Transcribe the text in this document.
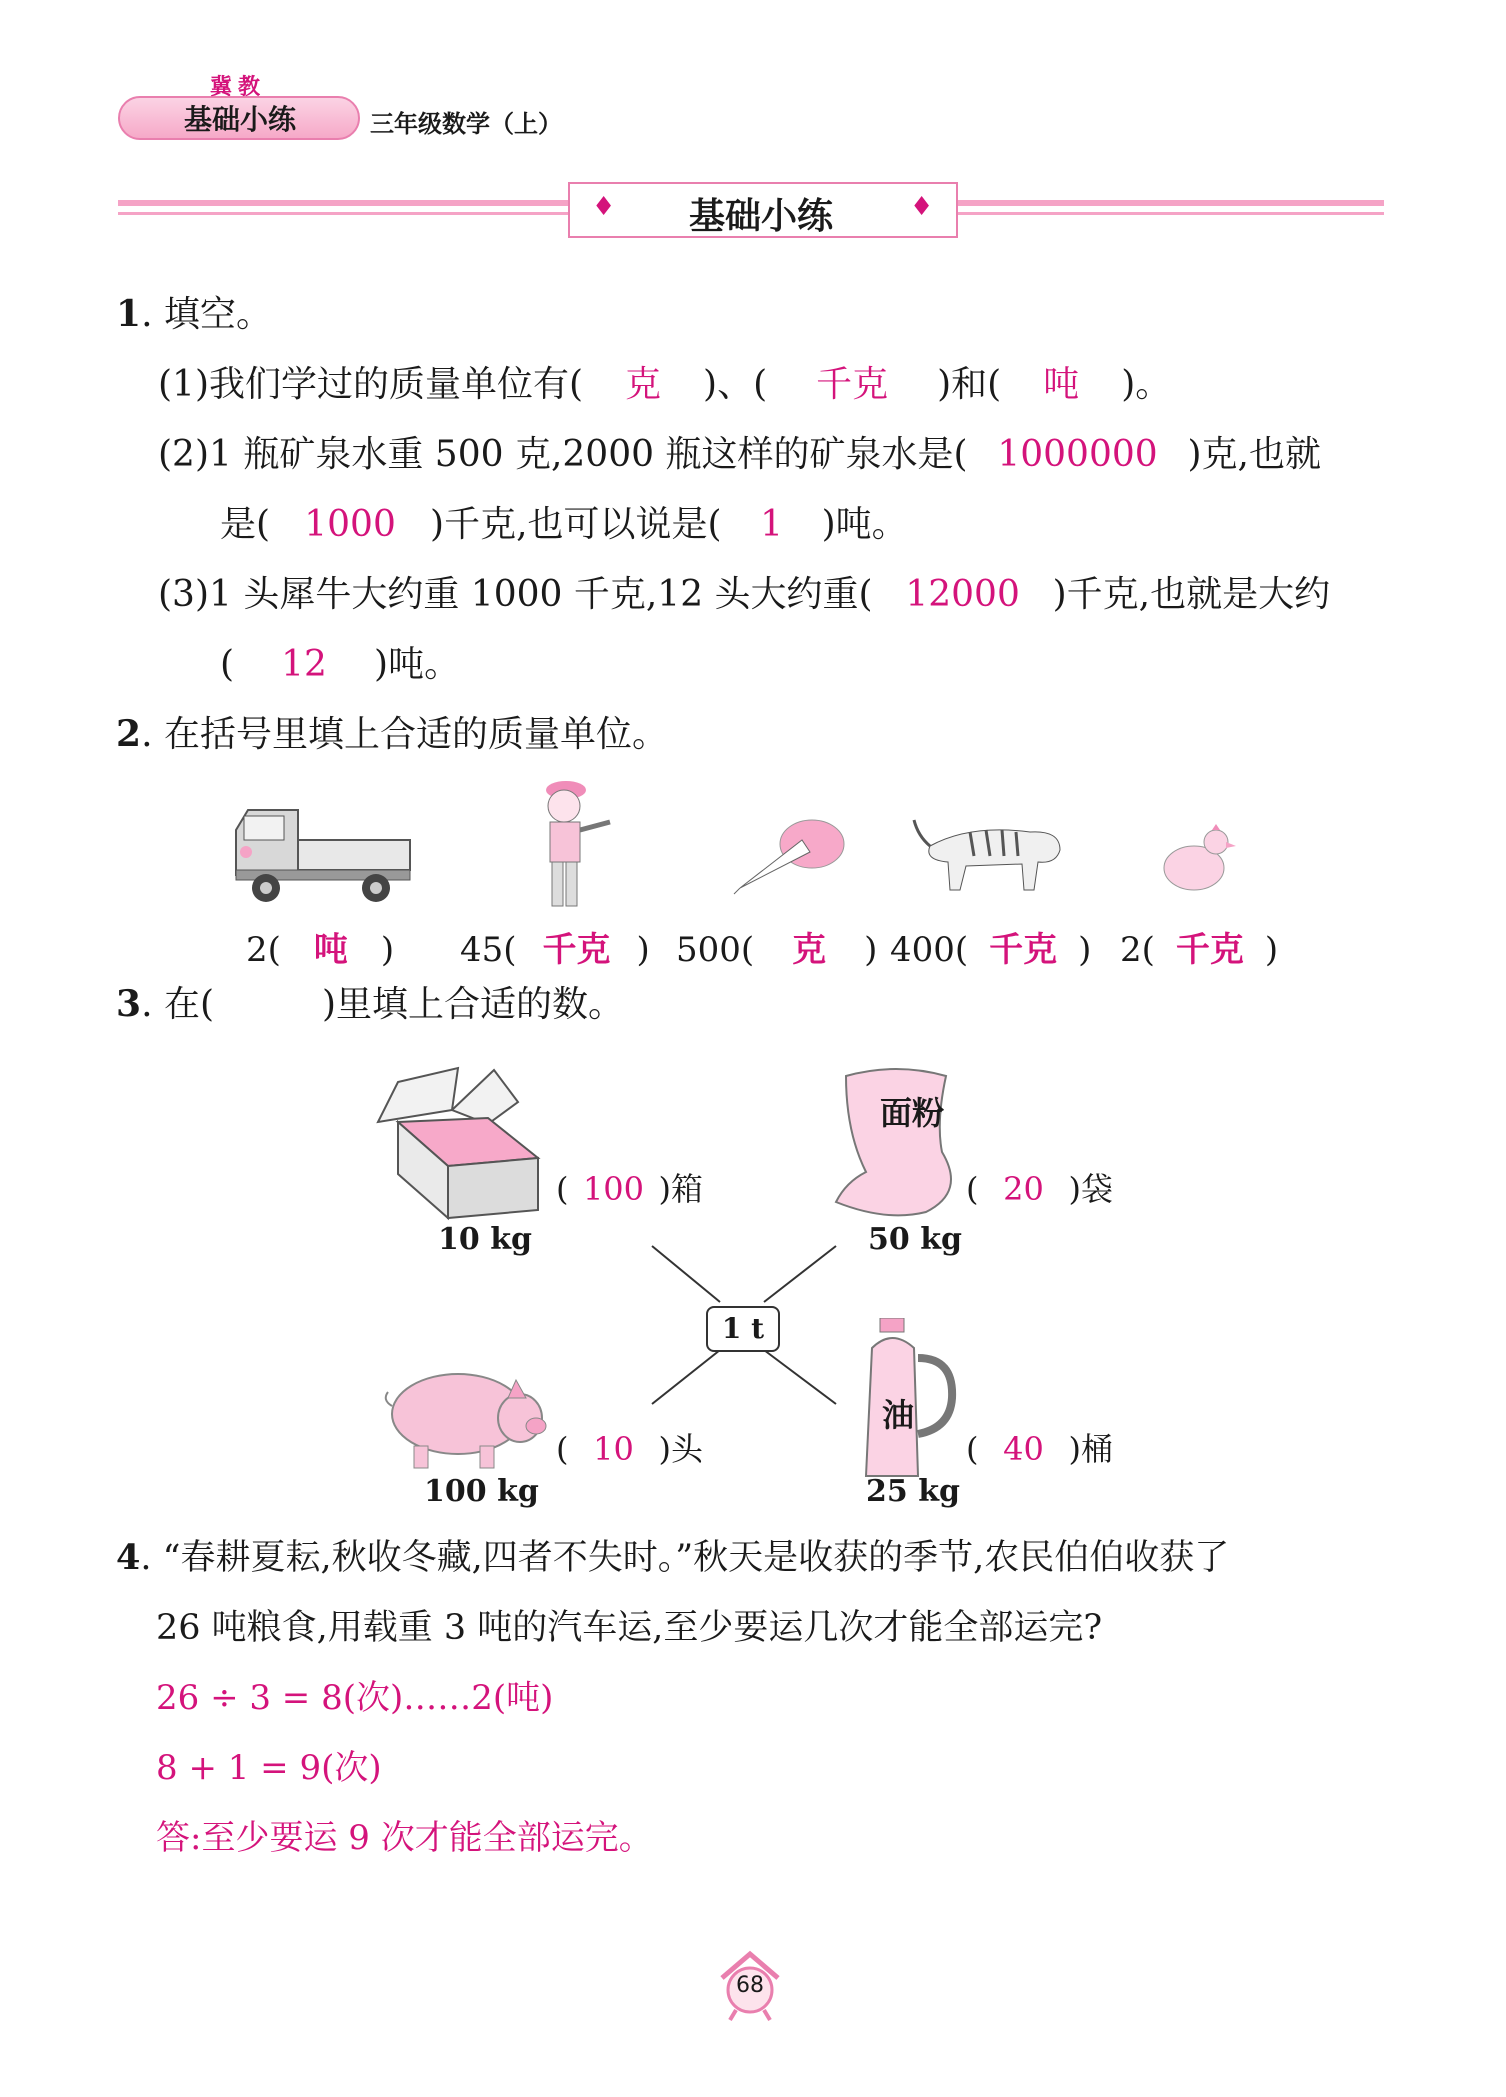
冀教
基础小练	三年级数学（上）
♦	♦
基础小练
1. 填空。
(1)我们学过的质量单位有( 克 )、( 千克 )和( 吨 )。
(2)1 瓶矿泉水重 500 克,2000 瓶这样的矿泉水是( 1000000 )克,也就
是( 1000 )千克,也可以说是( 1 )吨。
(3)1 头犀牛大约重 1000 千克,12 头大约重( 12000 )千克,也就是大约
( 12 )吨。
2. 在括号里填上合适的质量单位。
2( 吨 ) 45( 千克 ) 500( 克 ) 400( 千克 ) 2( 千克 )
3. 在(　　　)里填上合适的数。
1 t
10 kg
( 100 )箱
面粉
50 kg
( 20 )袋
100 kg
( 10 )头
油
25 kg
( 40 )桶
4. “春耕夏耘,秋收冬藏,四者不失时。”秋天是收获的季节,农民伯伯收获了
26 吨粮食,用载重 3 吨的汽车运,至少要运几次才能全部运完?
26 ÷ 3 = 8(次)……2(吨)
8 + 1 = 9(次)
答:至少要运 9 次才能全部运完。
68
